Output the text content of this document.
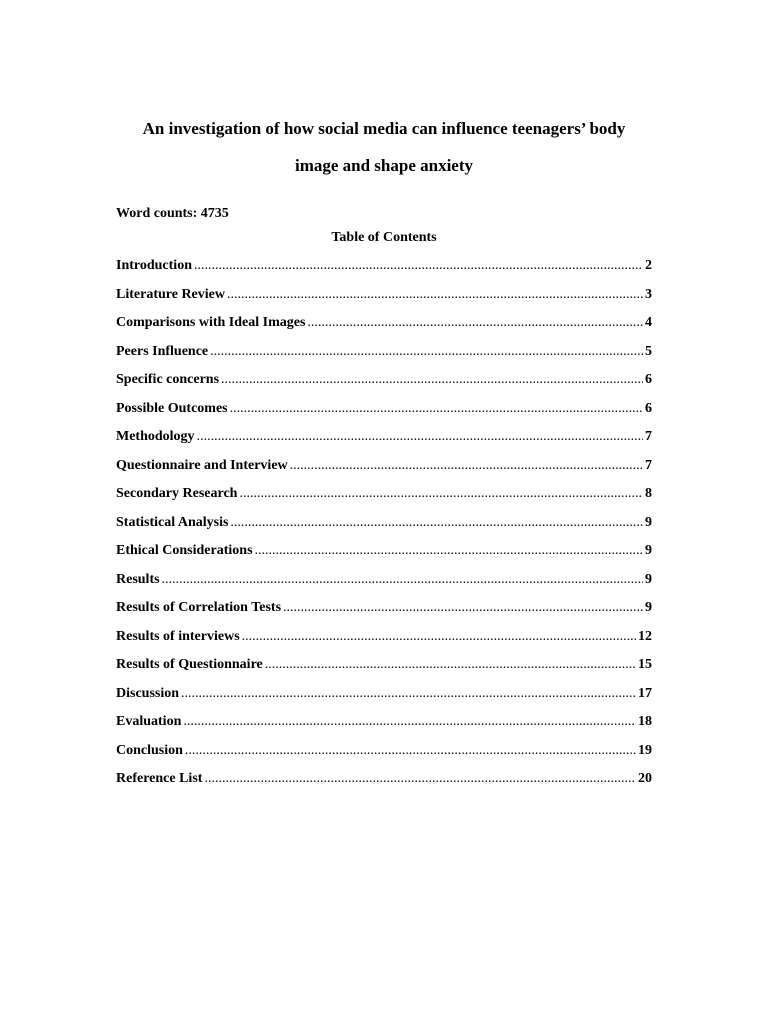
An investigation of how social media can influence teenagers’ body
image and shape anxiety
Word counts: 4735
Table of Contents
Introduction .....	2
Literature Review .....	3
Comparisons with Ideal Images .....	4
Peers Influence .....	5
Specific concerns .....	6
Possible Outcomes .....	6
Methodology .....	7
Questionnaire and Interview .....	7
Secondary Research .....	8
Statistical Analysis .....	9
Ethical Considerations .....	9
Results .....	9
Results of Correlation Tests .....	9
Results of interviews .....	12
Results of Questionnaire .....	15
Discussion .....	17
Evaluation .....	18
Conclusion .....	19
Reference List .....	20
